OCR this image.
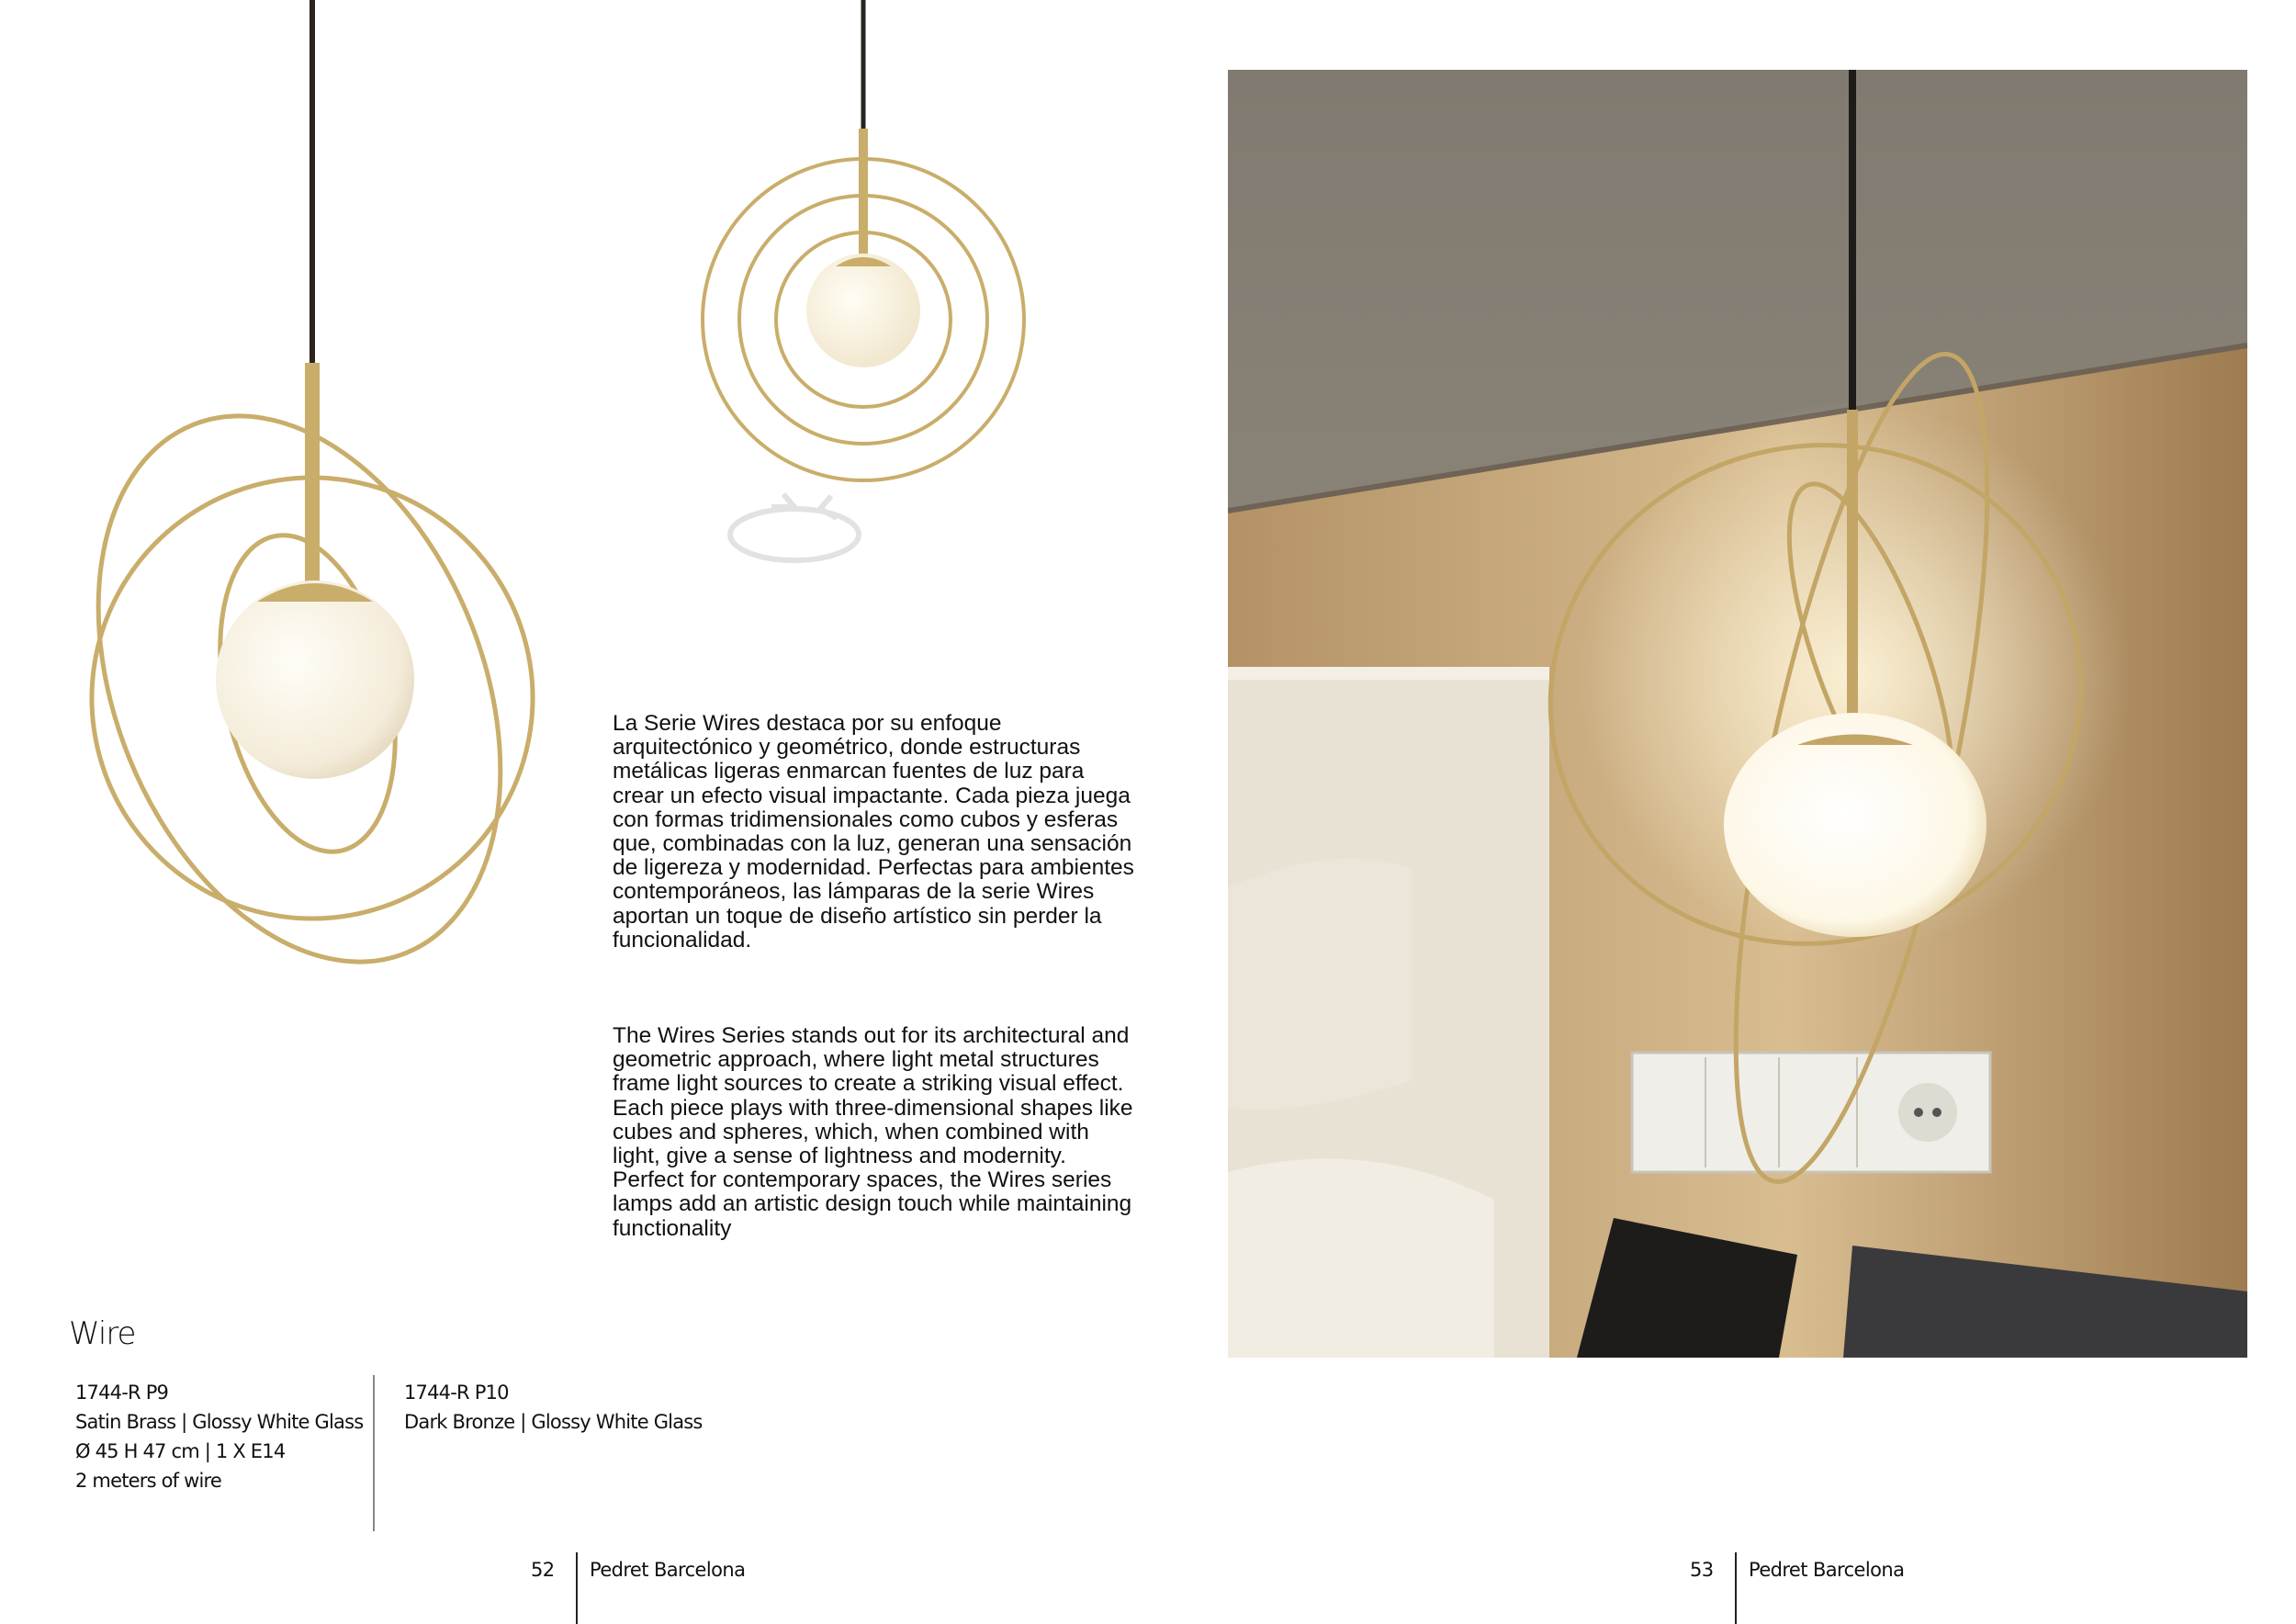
La Serie Wires destaca por su enfoque arquitectónico y geométrico, donde estructuras metálicas ligeras enmarcan fuentes de luz para crear un efecto visual impactante. Cada pieza juega con formas tridimensionales como cubos y esferas que, combinadas con la luz, generan una sensación de ligereza y modernidad. Perfectas para ambientes contemporáneos, las lámparas de la serie Wires aportan un toque de diseño artístico sin perder la funcionalidad.

The Wires Series stands out for its architectural and geometric approach, where light metal structures frame light sources to create a striking visual effect. Each piece plays with three-dimensional shapes like cubes and spheres, which, when combined with light, give a sense of lightness and modernity. Perfect for contemporary spaces, the Wires series lamps add an artistic design touch while maintaining functionality

Wire
1744-R P9
Satin Brass | Glossy White Glass
Ø 45 H 47 cm | 1 X E14
2 meters of wire
1744-R P10
Dark Bronze | Glossy White Glass
52 Pedret Barcelona	53 Pedret Barcelona
